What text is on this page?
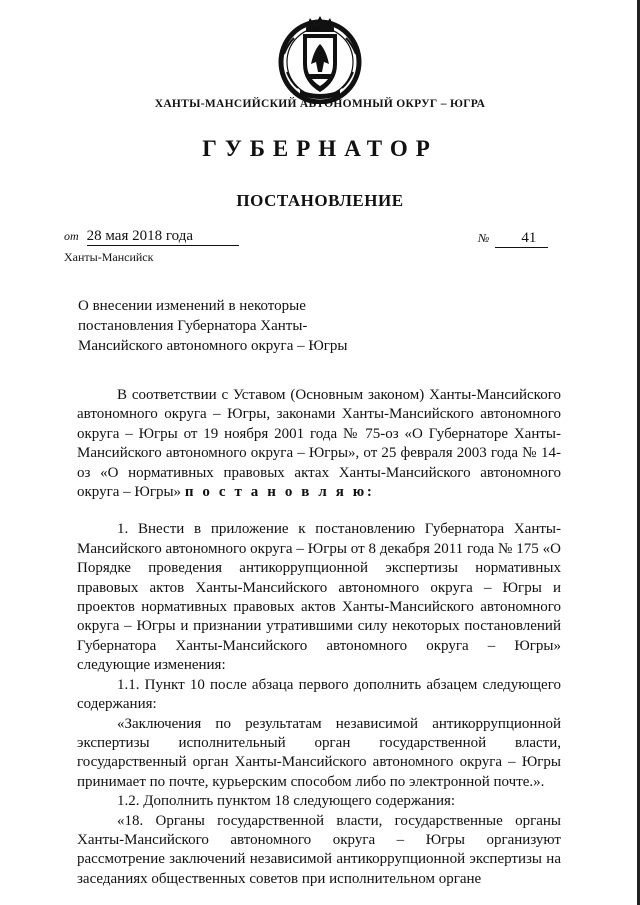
ХАНТЫ-МАНСИЙСКИЙ АВТОНОМНЫЙ ОКРУГ – ЮГРА
ГУБЕРНАТОР
ПОСТАНОВЛЕНИЕ
от 28 мая 2018 года	№ 41
Ханты-Мансийск
О внесении изменений в некоторые
постановления Губернатора Ханты-
Мансийского автономного округа – Югры

В соответствии с Уставом (Основным законом) Ханты-Мансийского автономного округа – Югры, законами Ханты-Мансийского автономного округа – Югры от 19 ноября 2001 года № 75-оз «О Губернаторе Ханты-Мансийского автономного округа – Югры», от 25 февраля 2003 года № 14-оз «О нормативных правовых актах Ханты-Мансийского автономного округа – Югры» п о с т а н о в л я ю:

1. Внести в приложение к постановлению Губернатора Ханты-Мансийского автономного округа – Югры от 8 декабря 2011 года № 175 «О Порядке проведения антикоррупционной экспертизы нормативных правовых актов Ханты-Мансийского автономного округа – Югры и проектов нормативных правовых актов Ханты-Мансийского автономного округа – Югры и признании утратившими силу некоторых постановлений Губернатора Ханты-Мансийского автономного округа – Югры» следующие изменения:

1.1. Пункт 10 после абзаца первого дополнить абзацем следующего содержания:

«Заключения по результатам независимой антикоррупционной экспертизы исполнительный орган государственной власти, государственный орган Ханты-Мансийского автономного округа – Югры принимает по почте, курьерским способом либо по электронной почте.».

1.2. Дополнить пунктом 18 следующего содержания:

«18. Органы государственной власти, государственные органы Ханты-Мансийского автономного округа – Югры организуют рассмотрение заключений независимой антикоррупционной экспертизы на заседаниях общественных советов при исполнительном органе
